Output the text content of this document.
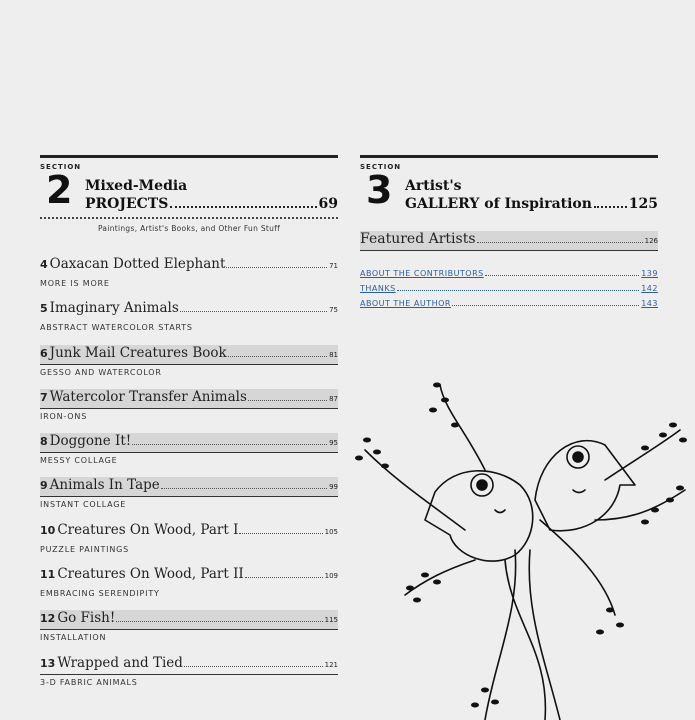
SECTION
2 Mixed-Media
PROJECTS	69
Paintings, Artist's Books, and Other Fun Stuff
4 Oaxacan Dotted Elephant	71
MORE IS MORE
5 Imaginary Animals	75
ABSTRACT WATERCOLOR STARTS
6 Junk Mail Creatures Book	81
GESSO AND WATERCOLOR
7 Watercolor Transfer Animals	87
IRON-ONS
8 Doggone It!	95
MESSY COLLAGE
9 Animals In Tape	99
INSTANT COLLAGE
10 Creatures On Wood, Part I	105
PUZZLE PAINTINGS
11 Creatures On Wood, Part II	109
EMBRACING SERENDIPITY
12 Go Fish!	115
INSTALLATION
13 Wrapped and Tied	121
3-D FABRIC ANIMALS
SECTION
3 Artist's
GALLERY of Inspiration	125
Featured Artists	126
ABOUT THE CONTRIBUTORS	139
THANKS	142
ABOUT THE AUTHOR	143
